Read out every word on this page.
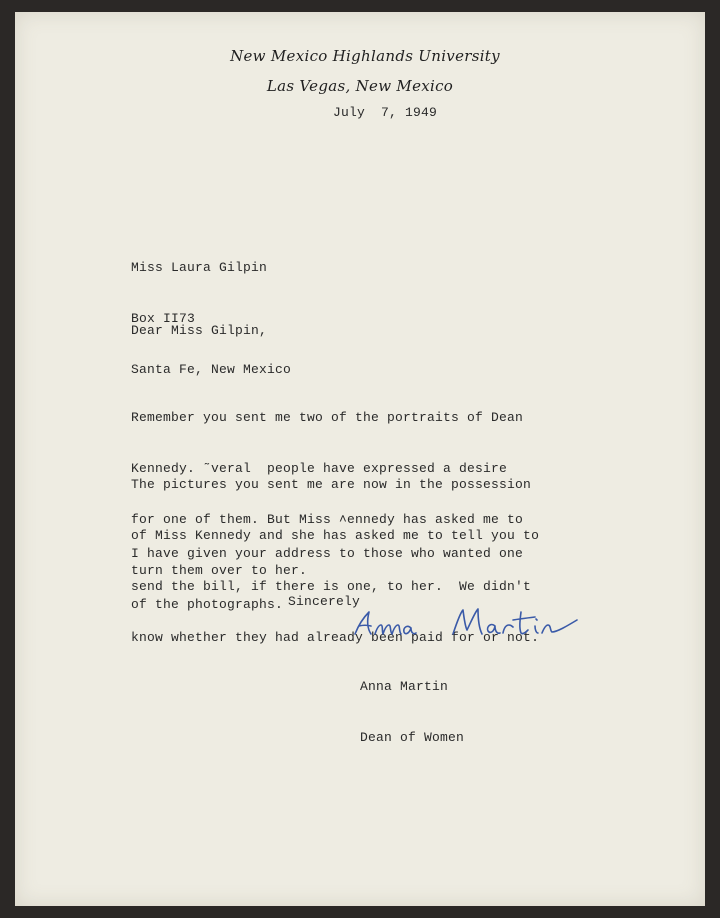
New Mexico Highlands University
Las Vegas, New Mexico
July  7, 1949

Miss Laura Gilpin

Box II73

Santa Fe, New Mexico

Dear Miss Gilpin,

Remember you sent me two of the portraits of Dean

Kennedy. ˜veral  people have expressed a desire

for one of them. But Miss ˄ennedy has asked me to

turn them over to her.

The pictures you sent me are now in the possession

of Miss Kennedy and she has asked me to tell you to

send the bill, if there is one, to her.  We didn't

know whether they had already been paid for or not.

I have given your address to those who wanted one

of the photographs. Sincerely

Anna Martin

Dean of Women
